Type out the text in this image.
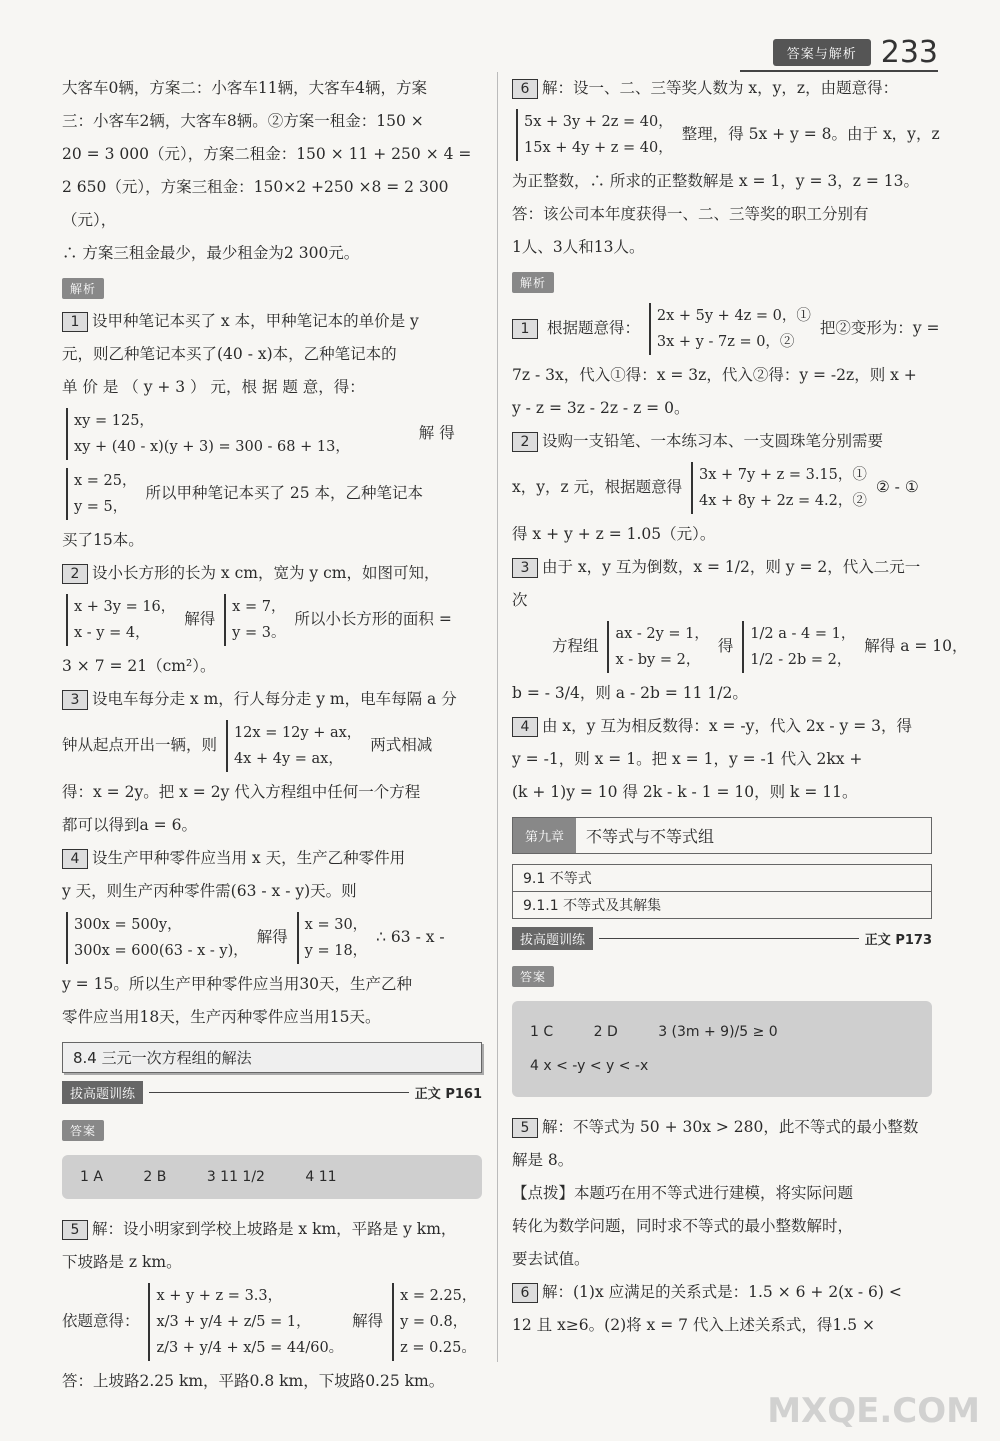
答案与解析 233

大客车0辆，方案二：小客车11辆，大客车4辆，方案

三：小客车2辆，大客车8辆。②方案一租金：150 ×

20 = 3 000（元），方案二租金：150 × 11 + 250 × 4 =

2 650（元），方案三租金：150×2 +250 ×8 = 2 300（元），

∴ 方案三租金最少，最少租金为2 300元。

解析

1 设甲种笔记本买了 x 本，甲种笔记本的单价是 y

元，则乙种笔记本买了(40 - x)本，乙种笔记本的

单 价 是 （ y + 3 ） 元，根 据 题 意，得：

xy = 125，
xy + (40 - x)(y + 3) = 300 - 68 + 13，
解 得
x = 25，
y = 5，
所以甲种笔记本买了 25 本，乙种笔记本

买了15本。

2 设小长方形的长为 x cm，宽为 y cm，如图可知，

x + 3y = 16，
x - y = 4，
解得
x = 7，
y = 3。
所以小长方形的面积 =

3 × 7 = 21（cm²）。

3 设电车每分走 x m，行人每分走 y m，电车每隔 a 分

钟从起点开出一辆，则
12x = 12y + ax，
4x + 4y = ax，
两式相减

得：x = 2y。把 x = 2y 代入方程组中任何一个方程

都可以得到a = 6。

4 设生产甲种零件应当用 x 天，生产乙种零件用

y 天，则生产丙种零件需(63 - x - y)天。则

300x = 500y，
300x = 600(63 - x - y)，
解得
x = 30，
y = 18，
∴ 63 - x -

y = 15。所以生产甲种零件应当用30天，生产乙种

零件应当用18天，生产丙种零件应当用15天。

8.4 三元一次方程组的解法
拔高题训练	正文 P161
答案
1 A	2 B	3 11 1/2	4 11

5 解：设小明家到学校上坡路是 x km，平路是 y km，

下坡路是 z km。

依题意得：
x + y + z = 3.3，
x/3 + y/4 + z/5 = 1，
z/3 + y/4 + x/5 = 44/60。
解得
x = 2.25，
y = 0.8，
z = 0.25。

答：上坡路2.25 km，平路0.8 km，下坡路0.25 km。

6 解：设一、二、三等奖人数为 x，y，z，由题意得：

5x + 3y + 2z = 40，
15x + 4y + z = 40，
整理，得 5x + y = 8。由于 x，y，z

为正整数，∴ 所求的正整数解是 x = 1，y = 3，z = 13。

答：该公司本年度获得一、二、三等奖的职工分别有

1人、3人和13人。

解析
1 根据题意得：
2x + 5y + 4z = 0，①
3x + y - 7z = 0，②
把②变形为：y =

7z - 3x，代入①得：x = 3z，代入②得：y = -2z，则 x +

y - z = 3z - 2z - z = 0。

2 设购一支铅笔、一本练习本、一支圆珠笔分别需要

x，y，z 元，根据题意得
3x + 7y + z = 3.15，①
4x + 8y + 2z = 4.2，②
② - ①

得 x + y + z = 1.05（元）。

3 由于 x，y 互为倒数，x = 1/2，则 y = 2，代入二元一次

方程组
ax - 2y = 1，
x - by = 2，
得
1/2 a - 4 = 1，
1/2 - 2b = 2，
解得 a = 10，

b = - 3/4，则 a - 2b = 11 1/2。

4 由 x，y 互为相反数得：x = -y，代入 2x - y = 3，得

y = -1，则 x = 1。把 x = 1，y = -1 代入 2kx +

(k + 1)y = 10 得 2k - k - 1 = 10，则 k = 11。

第九章	不等式与不等式组
9.1 不等式
9.1.1 不等式及其解集
拔高题训练	正文 P173
答案
1 C	2 D	3 (3m + 9)/5 ≥ 0
4 x < -y < y < -x

5 解：不等式为 50 + 30x > 280，此不等式的最小整数

解是 8。

【点拨】本题巧在用不等式进行建模，将实际问题

转化为数学问题，同时求不等式的最小整数解时，

要去试值。

6 解：(1)x 应满足的关系式是：1.5 × 6 + 2(x - 6) <

12 且 x≥6。(2)将 x = 7 代入上述关系式，得1.5 ×

MXQE.COM
